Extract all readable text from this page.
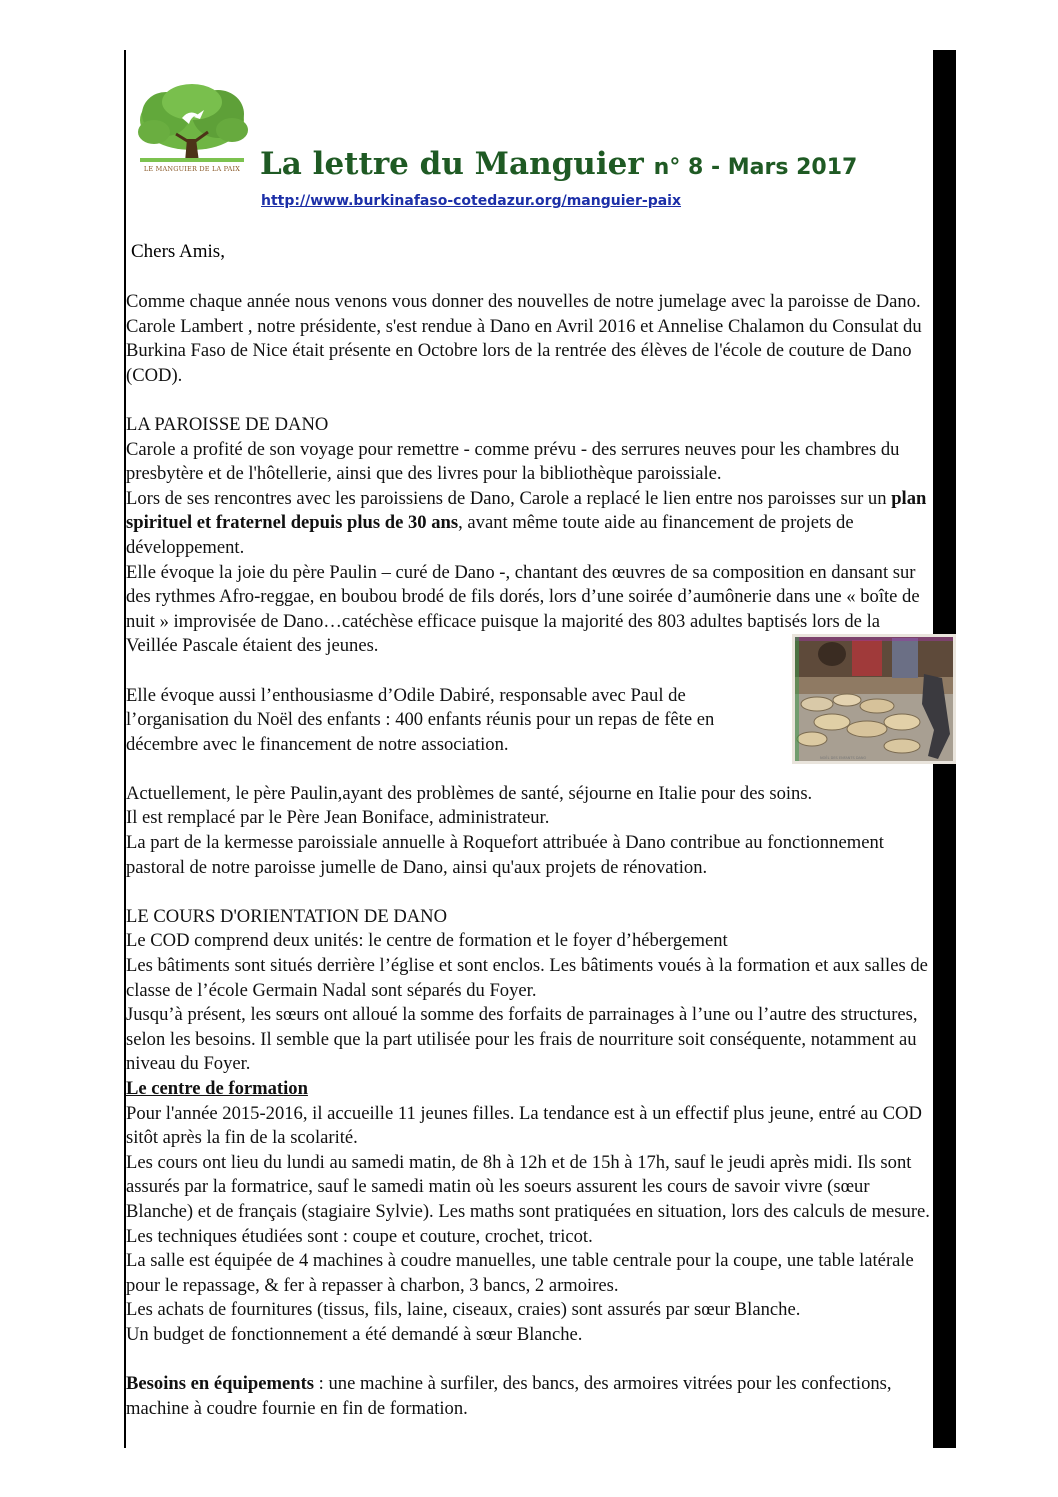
LE MANGUIER DE LA PAIX La lettre du Manguier n° 8 - Mars 2017
http://www.burkinafaso-cotedazur.org/manguier-paix
Chers Amis,

Comme chaque année nous venons vous donner des nouvelles de notre jumelage avec la paroisse de Dano. Carole Lambert , notre présidente, s'est rendue à Dano en Avril 2016 et Annelise Chalamon du Consulat du Burkina Faso de Nice était présente en Octobre lors de la rentrée des élèves de l'école de couture de Dano (COD).

LA PAROISSE DE DANO

Carole a profité de son voyage pour remettre - comme prévu - des serrures neuves pour les chambres du presbytère et de l'hôtellerie, ainsi que des livres pour la bibliothèque paroissiale.

Lors de ses rencontres avec les paroissiens de Dano, Carole a replacé le lien entre nos paroisses sur un plan spirituel et fraternel depuis plus de 30 ans, avant même toute aide au financement de projets de développement.

Elle évoque la joie du père Paulin – curé de Dano -, chantant des œuvres de sa composition en dansant sur des rythmes Afro-reggae, en boubou brodé de fils dorés, lors d’une soirée d’aumônerie dans une « boîte de nuit » improvisée de Dano…catéchèse efficace puisque la majorité des 803 adultes baptisés lors de la Veillée Pascale étaient des jeunes.

Elle évoque aussi l’enthousiasme d’Odile Dabiré, responsable avec Paul de l’organisation du Noël des enfants : 400 enfants réunis pour un repas de fête en décembre avec le financement de notre association.

Actuellement, le père Paulin,ayant des problèmes de santé, séjourne en Italie pour des soins.

Il est remplacé par le Père Jean Boniface, administrateur.

La part de la kermesse paroissiale annuelle à Roquefort attribuée à Dano contribue au fonctionnement pastoral de notre paroisse jumelle de Dano, ainsi qu'aux projets de rénovation.

LE COURS D'ORIENTATION DE DANO

Le COD comprend deux unités: le centre de formation et le foyer d’hébergement

Les bâtiments sont situés derrière l’église et sont enclos. Les bâtiments voués à la formation et aux salles de classe de l’école Germain Nadal sont séparés du Foyer.

Jusqu’à présent, les sœurs ont alloué la somme des forfaits de parrainages à l’une ou l’autre des structures, selon les besoins. Il semble que la part utilisée pour les frais de nourriture soit conséquente, notamment au niveau du Foyer.

Le centre de formation

Pour l'année 2015-2016, il accueille 11 jeunes filles. La tendance est à un effectif plus jeune, entré au COD sitôt après la fin de la scolarité.

Les cours ont lieu du lundi au samedi matin, de 8h à 12h et de 15h à 17h, sauf le jeudi après midi. Ils sont assurés par la formatrice, sauf le samedi matin où les soeurs assurent les cours de savoir vivre (sœur Blanche) et de français (stagiaire Sylvie). Les maths sont pratiquées en situation, lors des calculs de mesure.

Les techniques étudiées sont : coupe et couture, crochet, tricot.

La salle est équipée de 4 machines à coudre manuelles, une table centrale pour la coupe, une table latérale pour le repassage, & fer à repasser à charbon, 3 bancs, 2 armoires.

Les achats de fournitures (tissus, fils, laine, ciseaux, craies) sont assurés par sœur Blanche.

Un budget de fonctionnement a été demandé à sœur Blanche.

Besoins en équipements : une machine à surfiler, des bancs, des armoires vitrées pour les confections, machine à coudre fournie en fin de formation.

NOËL DES ENFANTS DANO
